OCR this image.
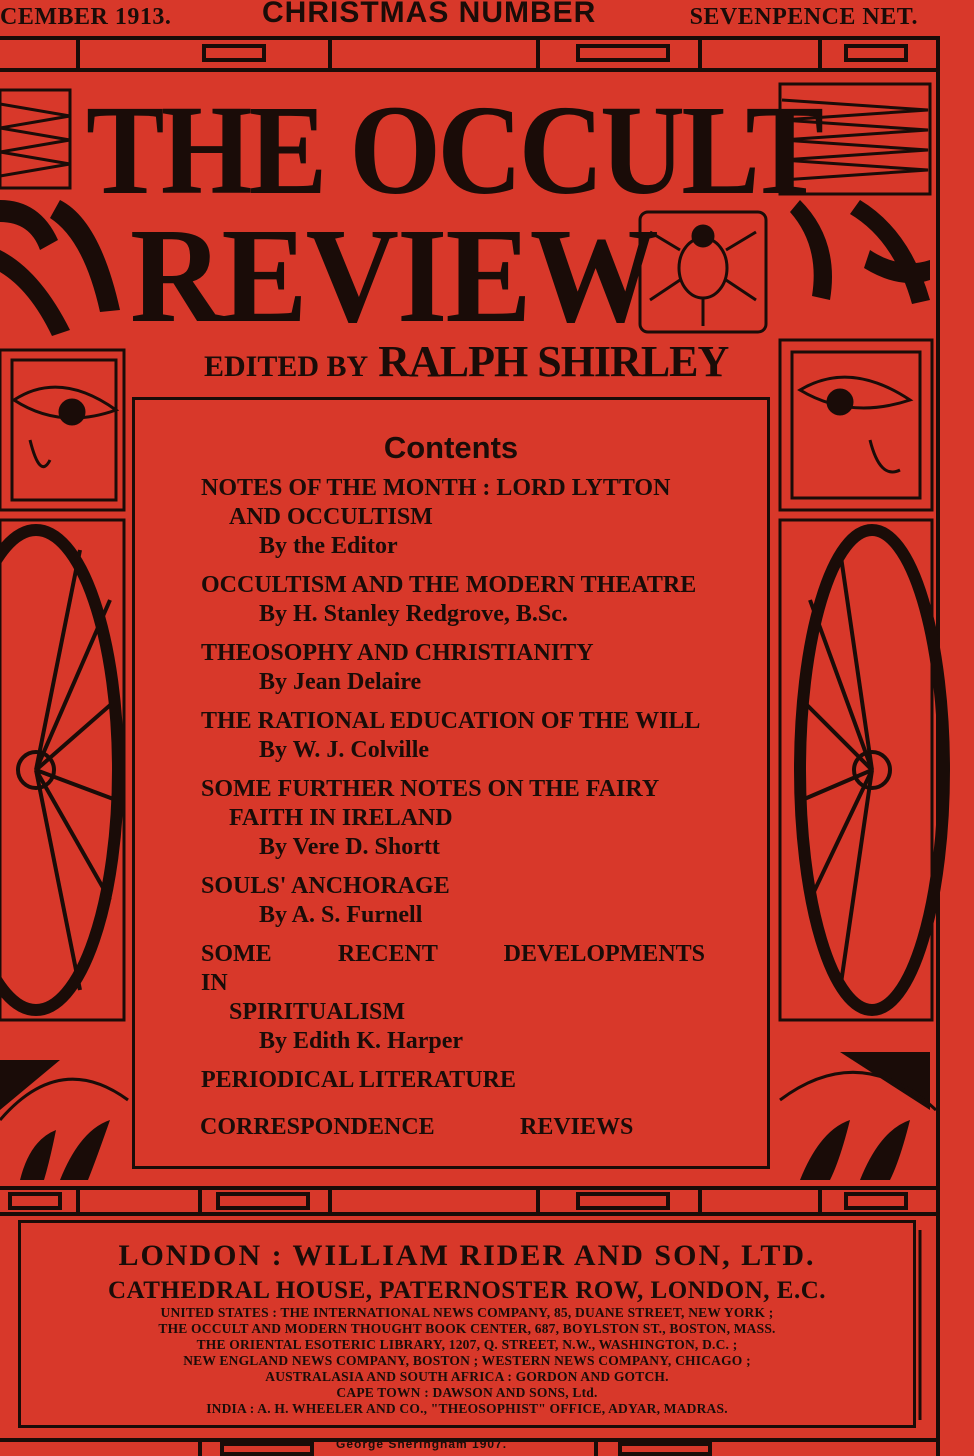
CEMBER 1913.	CHRISTMAS NUMBER	SEVENPENCE NET.
THE OCCULT
REVIEW
EDITED BY RALPH SHIRLEY
Contents
NOTES OF THE MONTH : LORD LYTTON
AND OCCULTISM
By the Editor
OCCULTISM AND THE MODERN THEATRE
By H. Stanley Redgrove, B.Sc.
THEOSOPHY AND CHRISTIANITY
By Jean Delaire
THE RATIONAL EDUCATION OF THE WILL
By W. J. Colville
SOME FURTHER NOTES ON THE FAIRY
FAITH IN IRELAND
By Vere D. Shortt
SOULS' ANCHORAGE
By A. S. Furnell
SOME RECENT DEVELOPMENTS IN
SPIRITUALISM
By Edith K. Harper
PERIODICAL LITERATURE
CORRESPONDENCE	REVIEWS
LONDON : WILLIAM RIDER AND SON, LTD.
CATHEDRAL HOUSE, PATERNOSTER ROW, LONDON, E.C.
UNITED STATES : THE INTERNATIONAL NEWS COMPANY, 85, DUANE STREET, NEW YORK ;
THE OCCULT AND MODERN THOUGHT BOOK CENTER, 687, BOYLSTON ST., BOSTON, MASS.
THE ORIENTAL ESOTERIC LIBRARY, 1207, Q. STREET, N.W., WASHINGTON, D.C. ;
NEW ENGLAND NEWS COMPANY, BOSTON ; WESTERN NEWS COMPANY, CHICAGO ;
AUSTRALASIA AND SOUTH AFRICA : GORDON AND GOTCH.
CAPE TOWN : DAWSON AND SONS, Ltd.
INDIA : A. H. WHEELER AND CO., "THEOSOPHIST" OFFICE, ADYAR, MADRAS.
George Sheringham 1907.
